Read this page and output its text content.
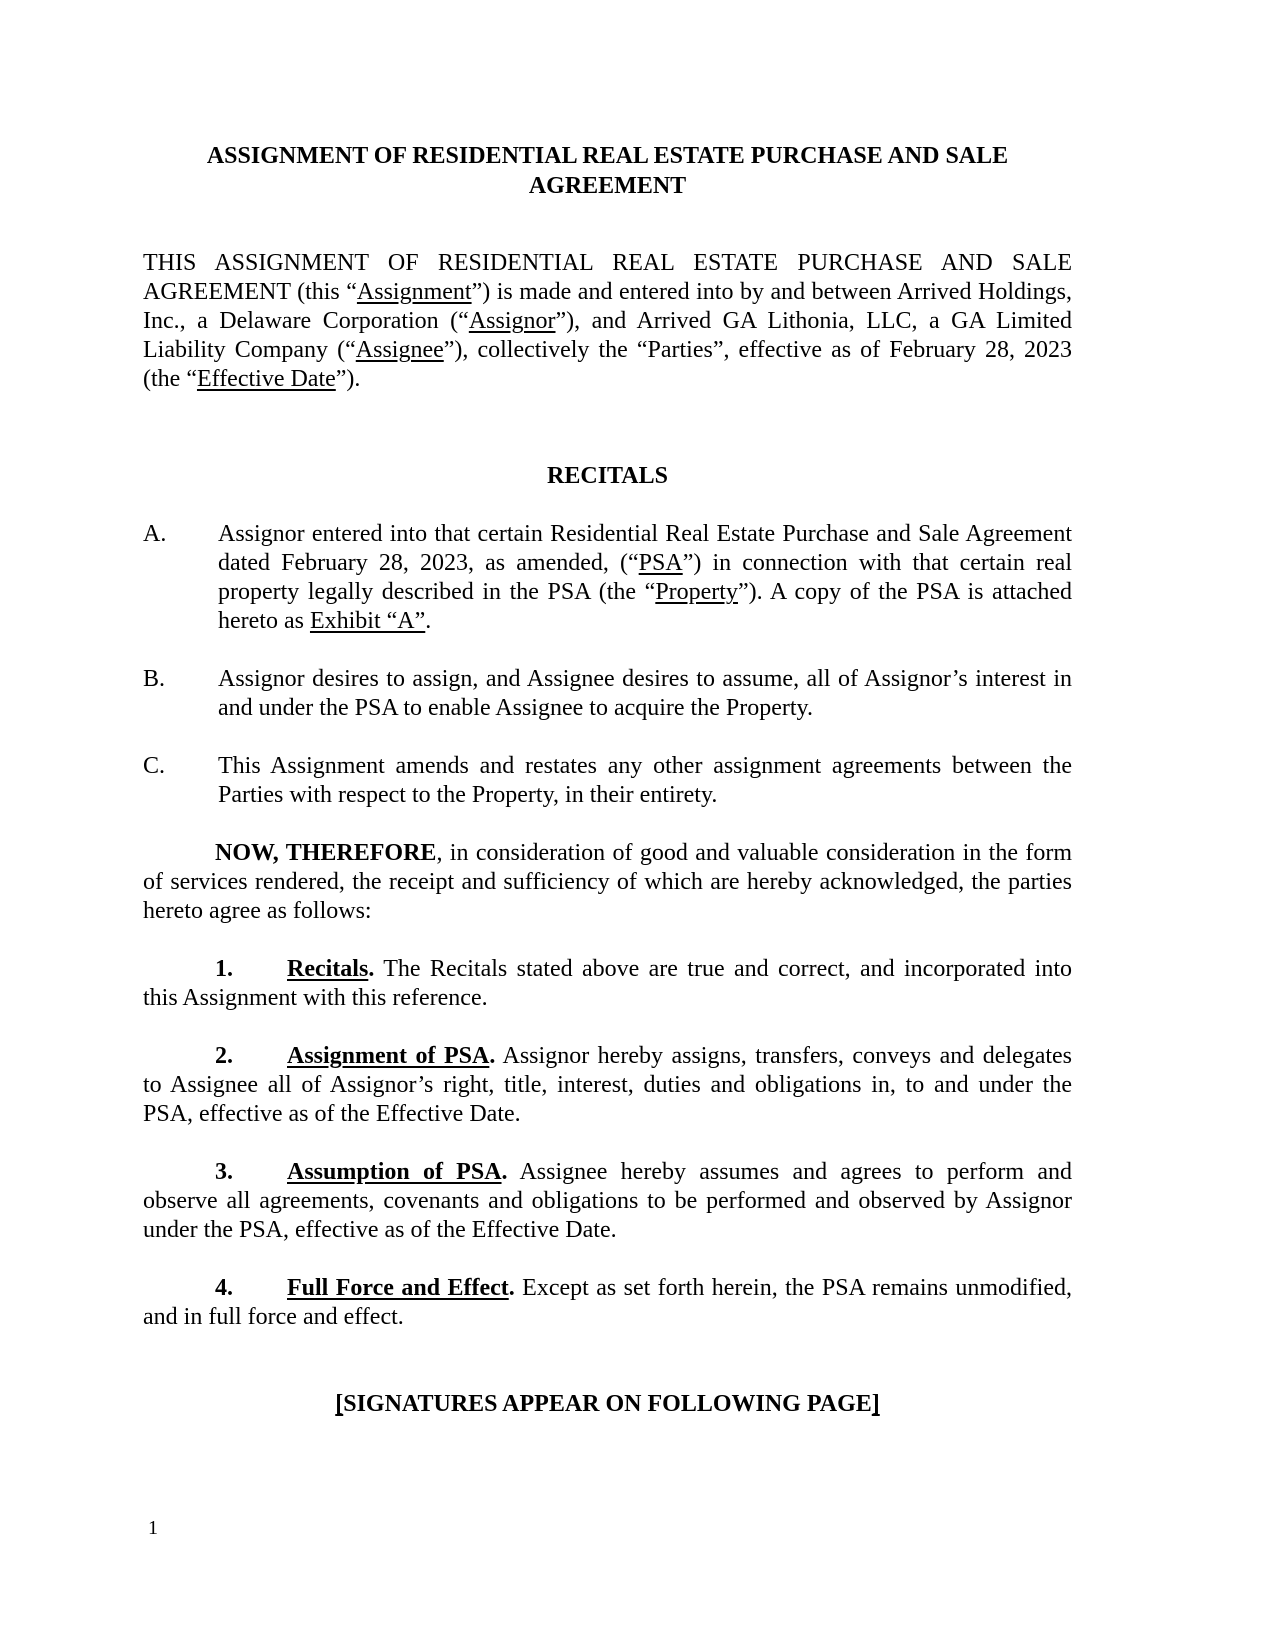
ASSIGNMENT OF RESIDENTIAL REAL ESTATE PURCHASE AND SALE AGREEMENT
THIS ASSIGNMENT OF RESIDENTIAL REAL ESTATE PURCHASE AND SALE AGREEMENT (this “Assignment”) is made and entered into by and between Arrived Holdings, Inc., a Delaware Corporation (“Assignor”), and Arrived GA Lithonia, LLC, a GA Limited Liability Company (“Assignee”), collectively the “Parties”, effective as of February 28, 2023 (the “Effective Date”).
RECITALS
A.	Assignor entered into that certain Residential Real Estate Purchase and Sale Agreement dated February 28, 2023, as amended, (“PSA”) in connection with that certain real property legally described in the PSA (the “Property”). A copy of the PSA is attached hereto as Exhibit “A”.
B.	Assignor desires to assign, and Assignee desires to assume, all of Assignor’s interest in and under the PSA to enable Assignee to acquire the Property.
C.	This Assignment amends and restates any other assignment agreements between the Parties with respect to the Property, in their entirety.
NOW, THEREFORE, in consideration of good and valuable consideration in the form of services rendered, the receipt and sufficiency of which are hereby acknowledged, the parties hereto agree as follows:
1. Recitals. The Recitals stated above are true and correct, and incorporated into this Assignment with this reference.
2. Assignment of PSA. Assignor hereby assigns, transfers, conveys and delegates to Assignee all of Assignor’s right, title, interest, duties and obligations in, to and under the PSA, effective as of the Effective Date.
3. Assumption of PSA. Assignee hereby assumes and agrees to perform and observe all agreements, covenants and obligations to be performed and observed by Assignor under the PSA, effective as of the Effective Date.
4. Full Force and Effect. Except as set forth herein, the PSA remains unmodified, and in full force and effect.
[SIGNATURES APPEAR ON FOLLOWING PAGE]
1
